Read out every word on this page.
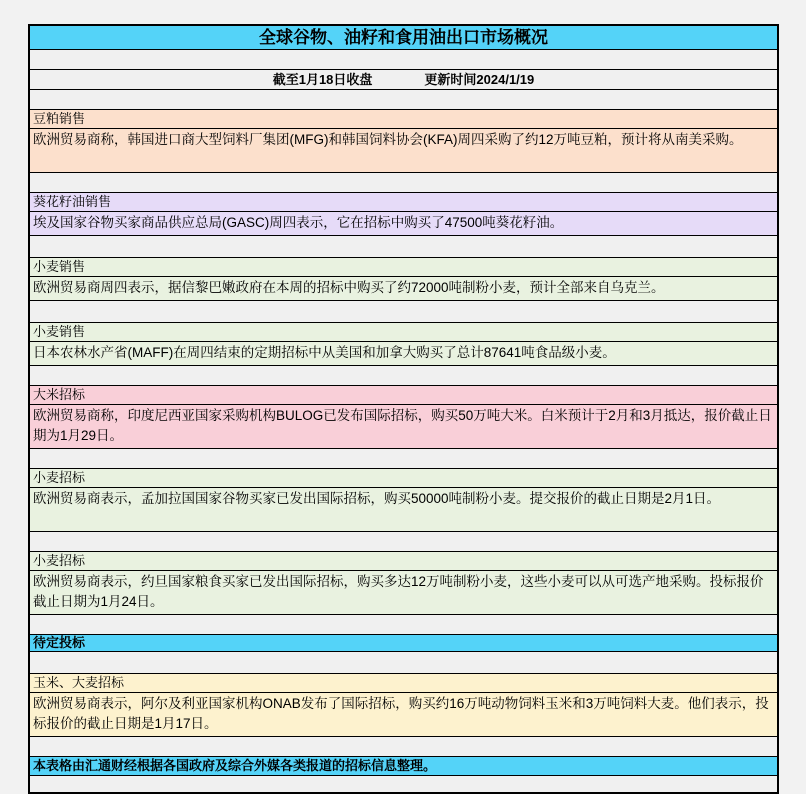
全球谷物、油籽和食用油出口市场概况
截至1月18日收盘	更新时间2024/1/19
豆粕销售
欧洲贸易商称，韩国进口商大型饲料厂集团(MFG)和韩国饲料协会(KFA)周四采购了约12万吨豆粕，预计将从南美采购。
葵花籽油销售
埃及国家谷物买家商品供应总局(GASC)周四表示，它在招标中购买了47500吨葵花籽油。
小麦销售
欧洲贸易商周四表示，据信黎巴嫩政府在本周的招标中购买了约72000吨制粉小麦，预计全部来自乌克兰。
小麦销售
日本农林水产省(MAFF)在周四结束的定期招标中从美国和加拿大购买了总计87641吨食品级小麦。
大米招标
欧洲贸易商称，印度尼西亚国家采购机构BULOG已发布国际招标，购买50万吨大米。白米预计于2月和3月抵达，报价截止日期为1月29日。
小麦招标
欧洲贸易商表示，孟加拉国国家谷物买家已发出国际招标，购买50000吨制粉小麦。提交报价的截止日期是2月1日。
小麦招标
欧洲贸易商表示，约旦国家粮食买家已发出国际招标，购买多达12万吨制粉小麦，这些小麦可以从可选产地采购。投标报价截止日期为1月24日。
待定投标
玉米、大麦招标
欧洲贸易商表示，阿尔及利亚国家机构ONAB发布了国际招标，购买约16万吨动物饲料玉米和3万吨饲料大麦。他们表示，投标报价的截止日期是1月17日。
本表格由汇通财经根据各国政府及综合外媒各类报道的招标信息整理。
